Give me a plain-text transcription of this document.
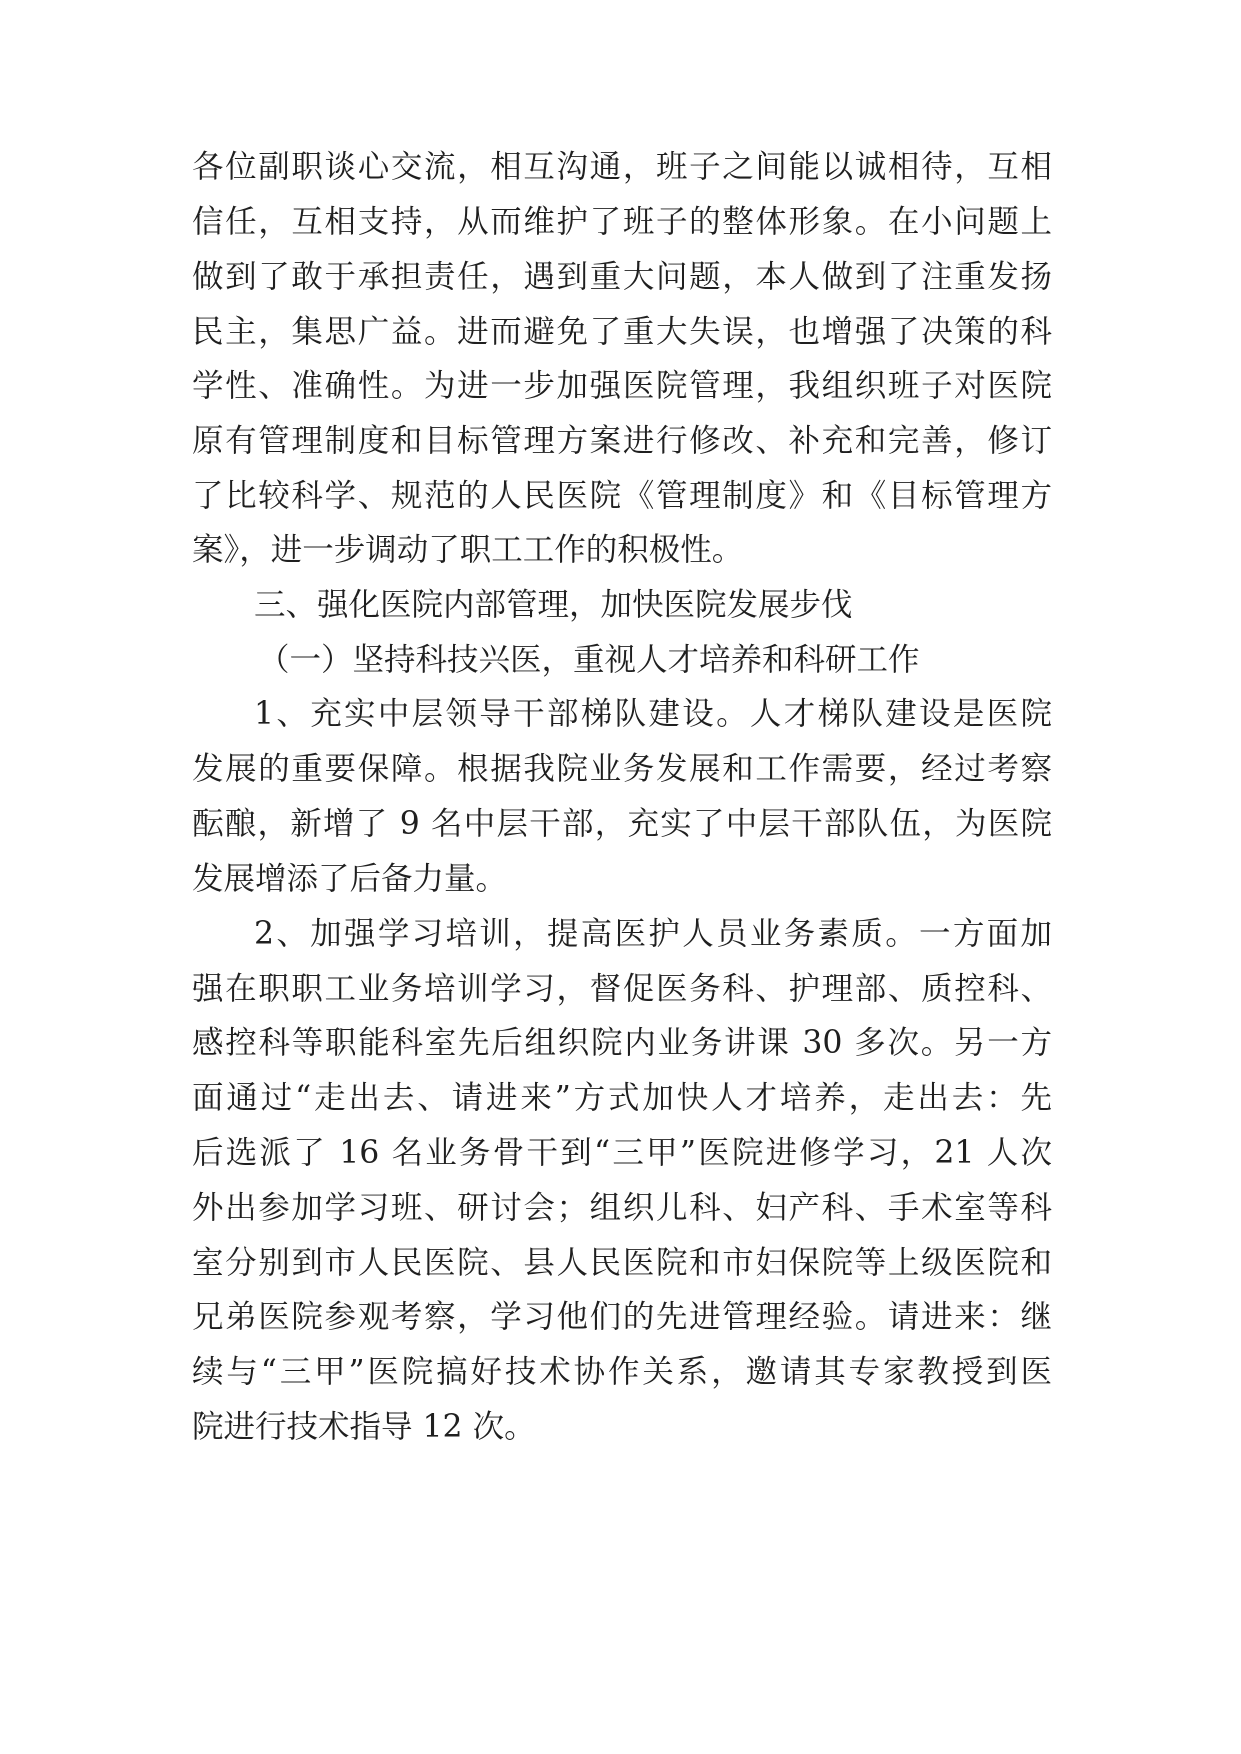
各位副职谈心交流，相互沟通，班子之间能以诚相待，互相
信任，互相支持，从而维护了班子的整体形象。在小问题上
做到了敢于承担责任，遇到重大问题，本人做到了注重发扬
民主，集思广益。进而避免了重大失误，也增强了决策的科
学性、准确性。为进一步加强医院管理，我组织班子对医院
原有管理制度和目标管理方案进行修改、补充和完善，修订
了比较科学、规范的人民医院《管理制度》和《目标管理方
案》，进一步调动了职工工作的积极性。
三、强化医院内部管理，加快医院发展步伐
（一）坚持科技兴医，重视人才培养和科研工作
1、充实中层领导干部梯队建设。人才梯队建设是医院
发展的重要保障。根据我院业务发展和工作需要，经过考察
酝酿，新增了 9 名中层干部，充实了中层干部队伍，为医院
发展增添了后备力量。
2、加强学习培训，提高医护人员业务素质。一方面加
强在职职工业务培训学习，督促医务科、护理部、质控科、
感控科等职能科室先后组织院内业务讲课 30 多次。另一方
面通过“走出去、请进来”方式加快人才培养，走出去：先
后选派了 16 名业务骨干到“三甲”医院进修学习，21 人次
外出参加学习班、研讨会；组织儿科、妇产科、手术室等科
室分别到市人民医院、县人民医院和市妇保院等上级医院和
兄弟医院参观考察，学习他们的先进管理经验。请进来：继
续与“三甲”医院搞好技术协作关系，邀请其专家教授到医
院进行技术指导 12 次。
